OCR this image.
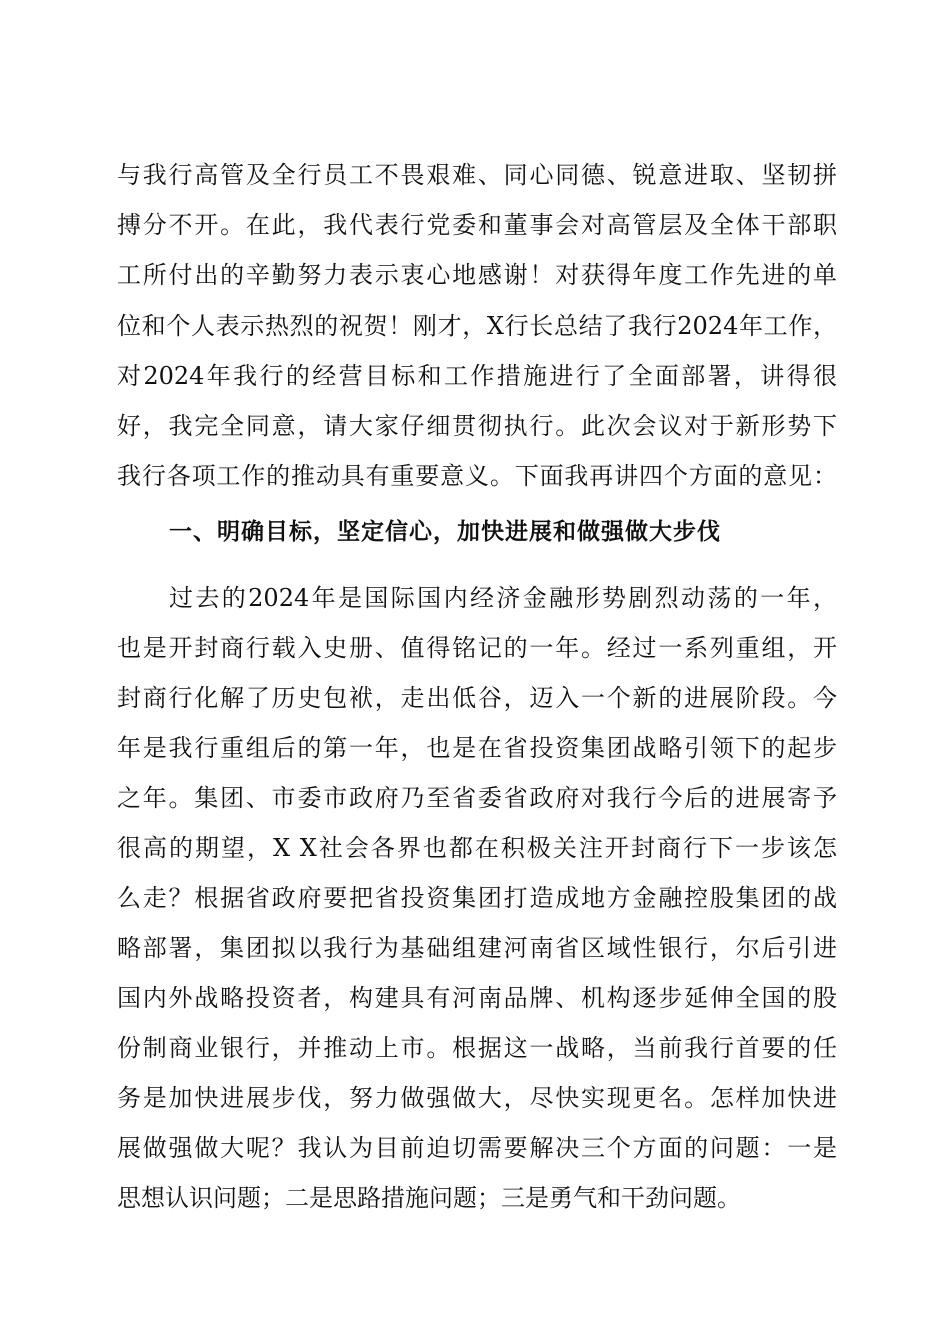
与我行高管及全行员工不畏艰难、同心同德、锐意进取、坚韧拼
搏分不开。在此，我代表行党委和董事会对高管层及全体干部职
工所付出的辛勤努力表示衷心地感谢！对获得年度工作先进的单
位和个人表示热烈的祝贺！刚才，X行长总结了我行2024年工作，
对2024年我行的经营目标和工作措施进行了全面部署，讲得很
好，我完全同意，请大家仔细贯彻执行。此次会议对于新形势下
我行各项工作的推动具有重要意义。下面我再讲四个方面的意见：
一、明确目标，坚定信心，加快进展和做强做大步伐
过去的2024年是国际国内经济金融形势剧烈动荡的一年，
也是开封商行载入史册、值得铭记的一年。经过一系列重组，开
封商行化解了历史包袱，走出低谷，迈入一个新的进展阶段。今
年是我行重组后的第一年，也是在省投资集团战略引领下的起步
之年。集团、市委市政府乃至省委省政府对我行今后的进展寄予
很高的期望，X X社会各界也都在积极关注开封商行下一步该怎
么走？根据省政府要把省投资集团打造成地方金融控股集团的战
略部署，集团拟以我行为基础组建河南省区域性银行，尔后引进
国内外战略投资者，构建具有河南品牌、机构逐步延伸全国的股
份制商业银行，并推动上市。根据这一战略，当前我行首要的任
务是加快进展步伐，努力做强做大，尽快实现更名。怎样加快进
展做强做大呢？我认为目前迫切需要解决三个方面的问题：一是
思想认识问题；二是思路措施问题；三是勇气和干劲问题。
